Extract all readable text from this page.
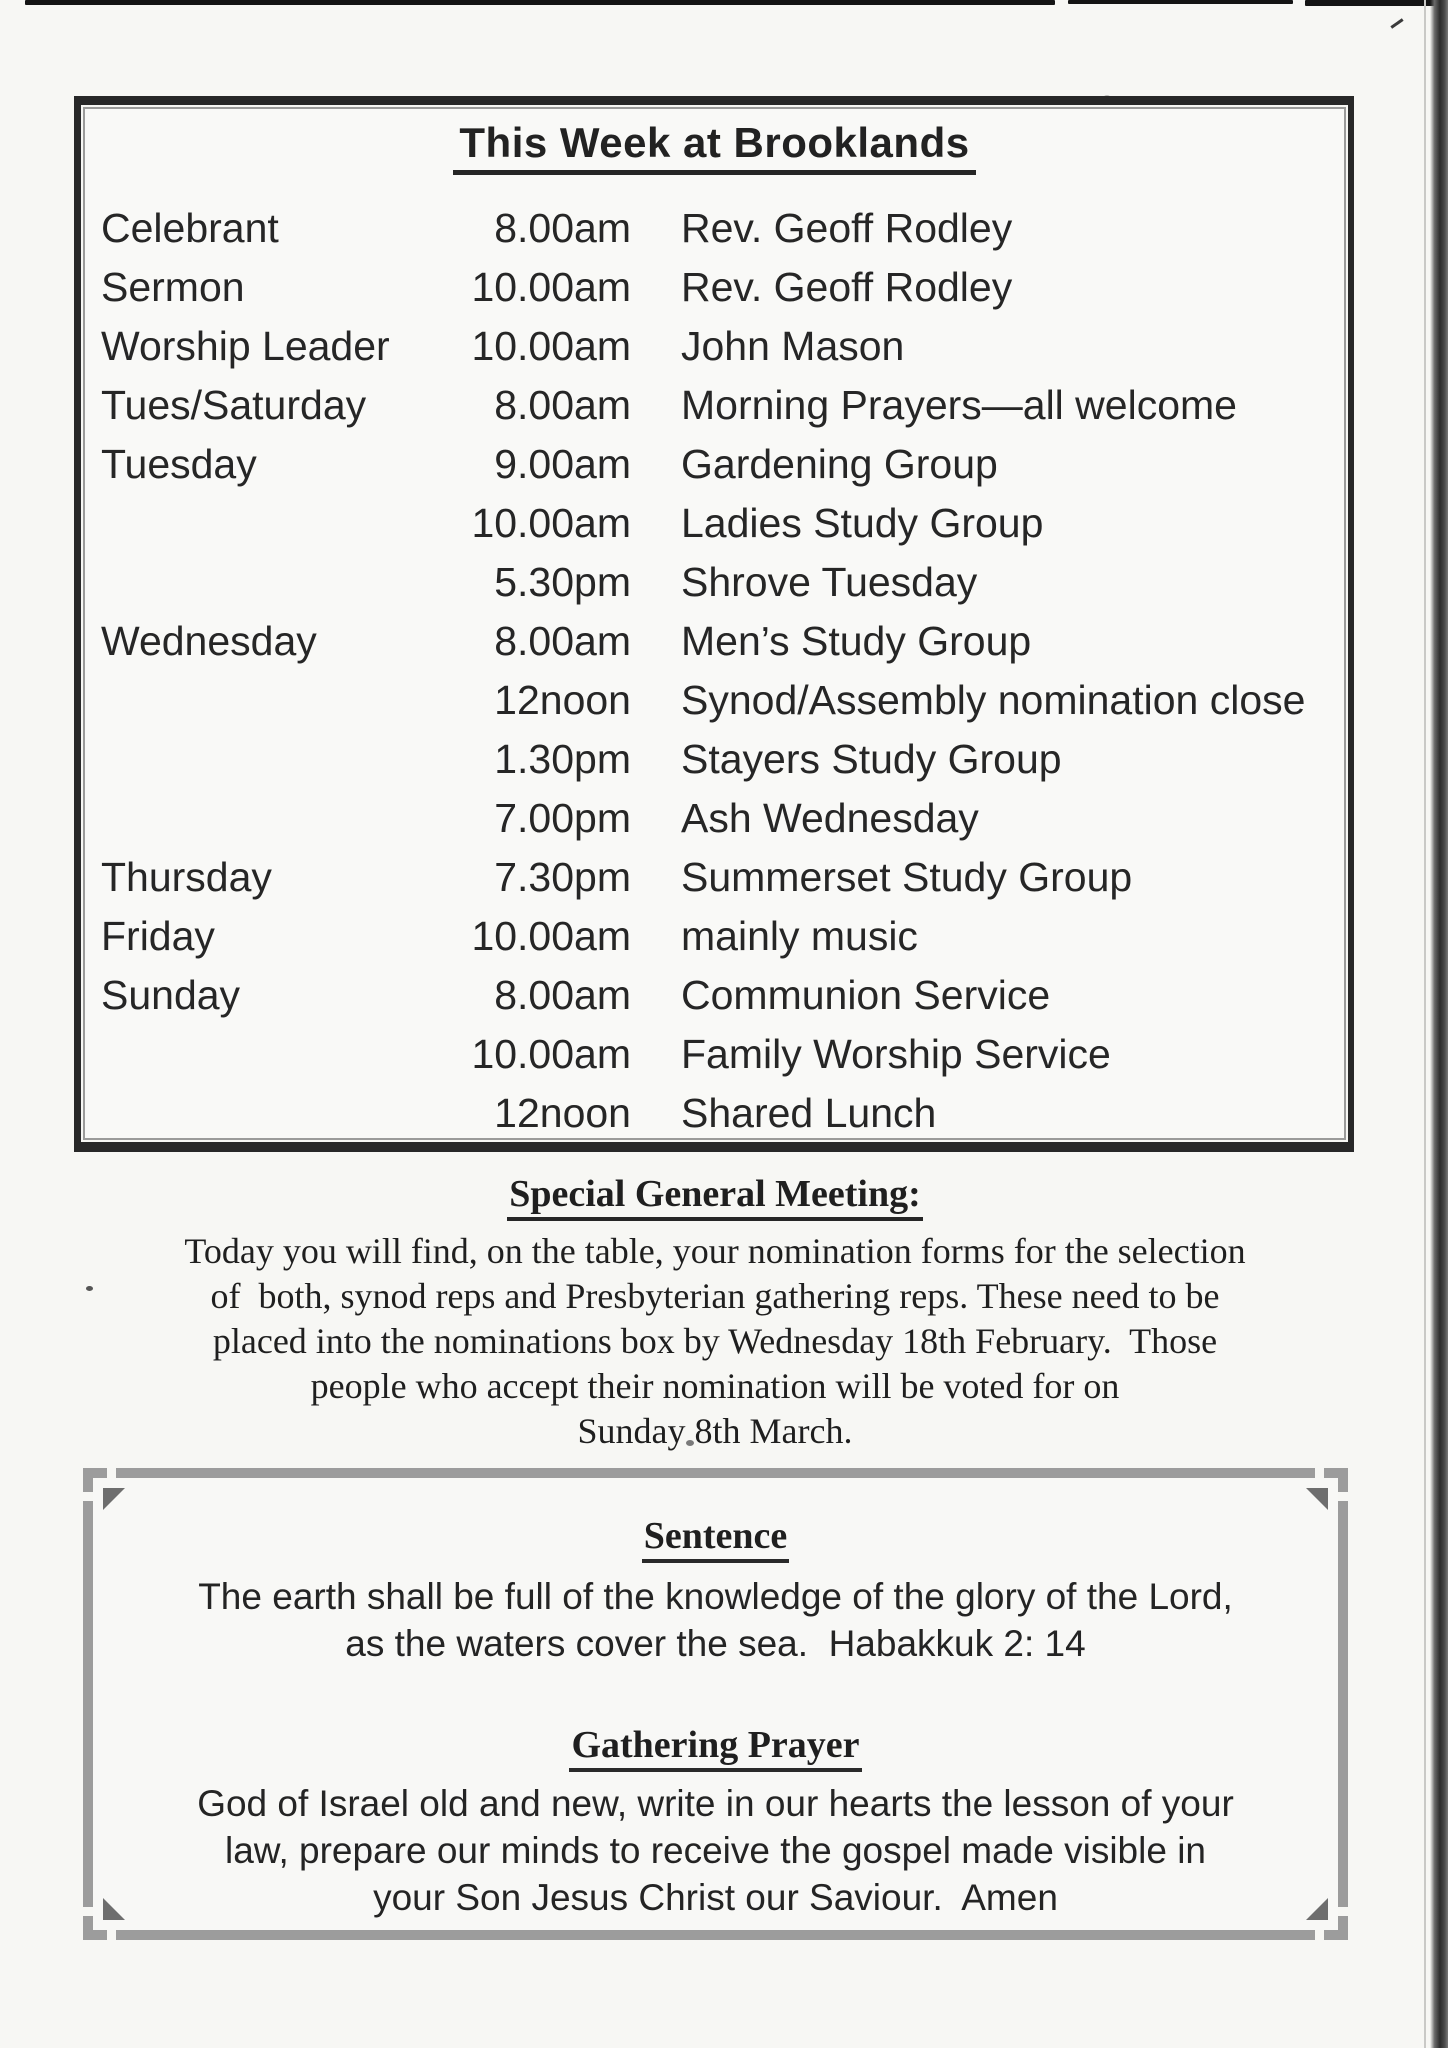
This Week at Brooklands
Celebrant	8.00am Rev. Geoff Rodley
Sermon	10.00am Rev. Geoff Rodley
Worship Leader	10.00am John Mason
Tues/Saturday	8.00am Morning Prayers—all welcome
Tuesday	9.00am Gardening Group
10.00am Ladies Study Group
5.30pm Shrove Tuesday
Wednesday	8.00am Men’s Study Group
12noon Synod/Assembly nomination close
1.30pm Stayers Study Group
7.00pm Ash Wednesday
Thursday	7.30pm Summerset Study Group
Friday	10.00am mainly music
Sunday	8.00am Communion Service
10.00am Family Worship Service
12noon Shared Lunch
Special General Meeting:
Today you will find, on the table, your nomination forms for the selection
of  both, synod reps and Presbyterian gathering reps. These need to be
placed into the nominations box by Wednesday 18th February.  Those
people who accept their nomination will be voted for on
Sunday 8th March.
Sentence
The earth shall be full of the knowledge of the glory of the Lord,
as the waters cover the sea.  Habakkuk 2: 14
Gathering Prayer
God of Israel old and new, write in our hearts the lesson of your
law, prepare our minds to receive the gospel made visible in
your Son Jesus Christ our Saviour.  Amen
